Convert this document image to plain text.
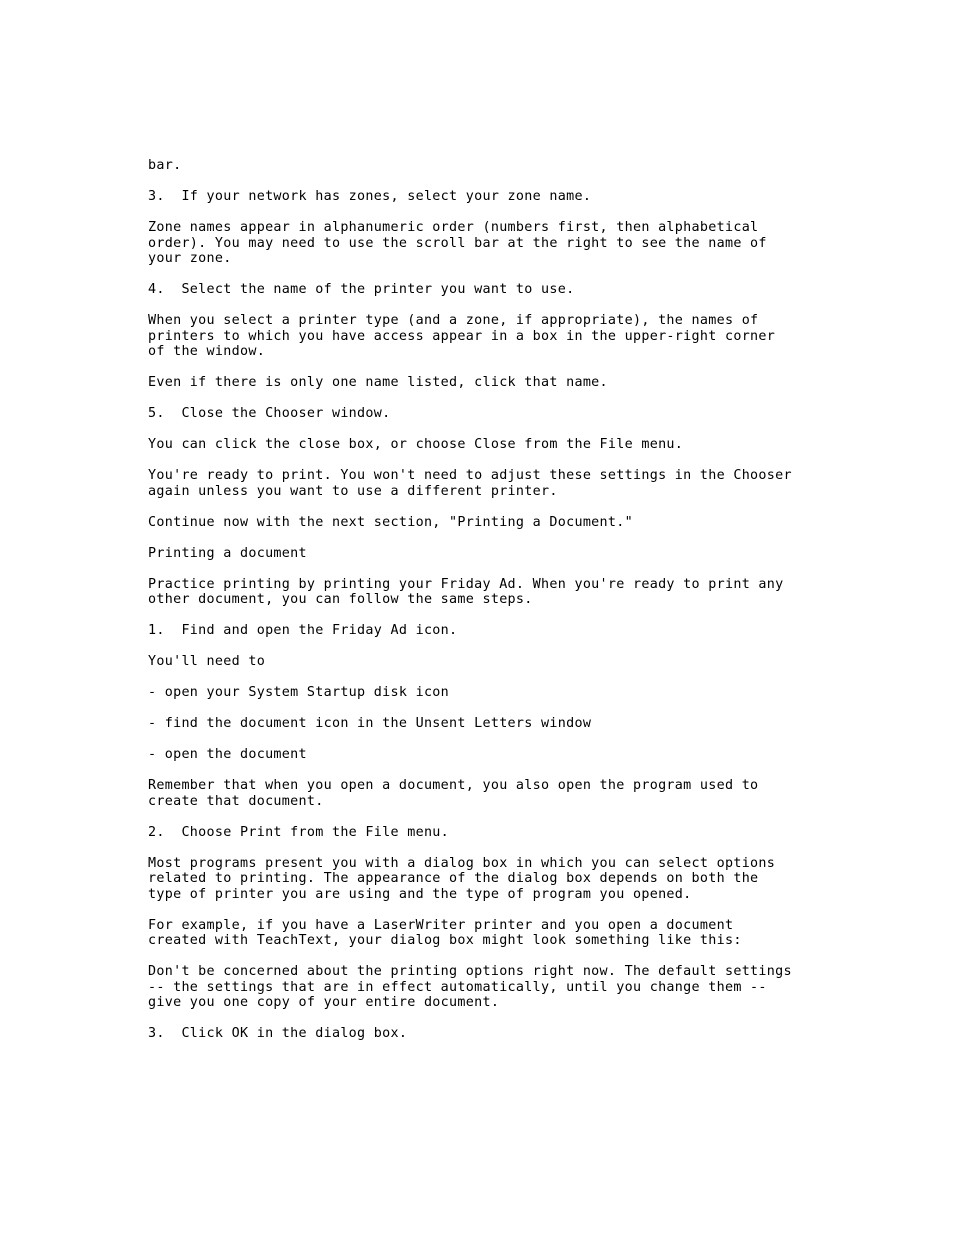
bar.

3.  If your network has zones, select your zone name.

Zone names appear in alphanumeric order (numbers first, then alphabetical
order). You may need to use the scroll bar at the right to see the name of
your zone.

4.  Select the name of the printer you want to use.

When you select a printer type (and a zone, if appropriate), the names of
printers to which you have access appear in a box in the upper-right corner
of the window.

Even if there is only one name listed, click that name.

5.  Close the Chooser window.

You can click the close box, or choose Close from the File menu.

You're ready to print. You won't need to adjust these settings in the Chooser
again unless you want to use a different printer.

Continue now with the next section, "Printing a Document."

Printing a document

Practice printing by printing your Friday Ad. When you're ready to print any
other document, you can follow the same steps.

1.  Find and open the Friday Ad icon.

You'll need to

- open your System Startup disk icon

- find the document icon in the Unsent Letters window

- open the document

Remember that when you open a document, you also open the program used to
create that document.

2.  Choose Print from the File menu.

Most programs present you with a dialog box in which you can select options
related to printing. The appearance of the dialog box depends on both the
type of printer you are using and the type of program you opened.

For example, if you have a LaserWriter printer and you open a document
created with TeachText, your dialog box might look something like this:

Don't be concerned about the printing options right now. The default settings
-- the settings that are in effect automatically, until you change them --
give you one copy of your entire document.

3.  Click OK in the dialog box.
